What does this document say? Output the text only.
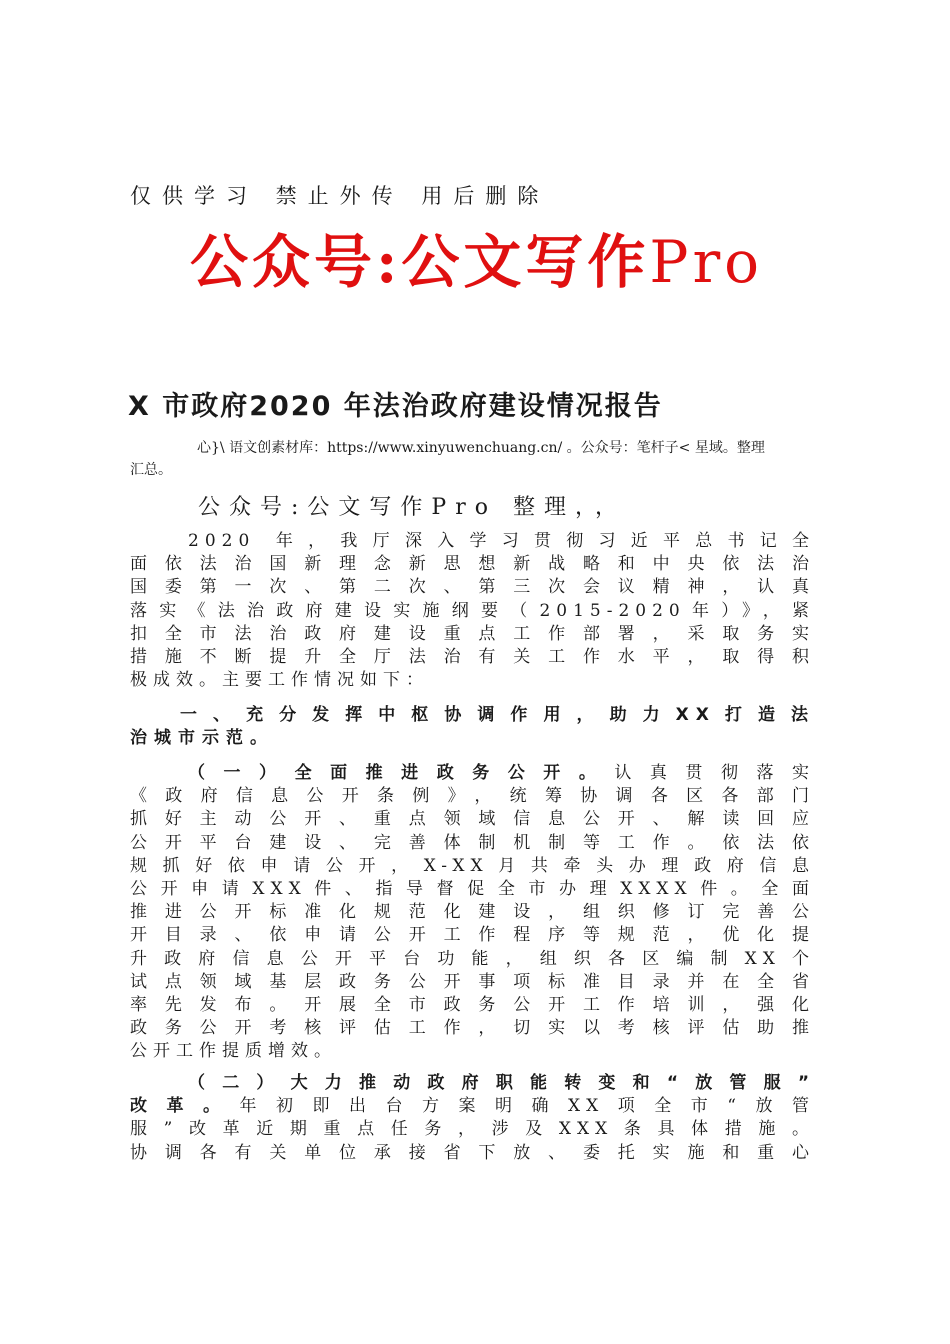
仅供学习 禁止外传 用后删除
公众号:公文写作Pro
X 市政府2020 年法治政府建设情况报告
心}\ 语文创素材库：https://www.xinyuwenchuang.cn/ 。公众号：笔杆子< 星域。整理
汇总。
公众号:公文写作Pro 整理，，
2020 年，我厅深入学习贯彻习近平总书记全
面依法治国新理念新思想新战略和中央依法治
国委第一次、第二次、第三次会议精神，认真
落实《法治政府建设实施纲要（2015-2020年）》，紧
扣全市法治政府建设重点工作部署，采取务实
措施不断提升全厅法治有关工作水平，取得积
极成效。主要工作情况如下：
一、充分发挥中枢协调作用，助力XX打造法
治城市示范。
（一）全面推进政务公开。认真贯彻落实
《政府信息公开条例》，统筹协调各区各部门
抓好主动公开、重点领域信息公开、解读回应
公开平台建设、完善体制机制等工作。依法依
规抓好依申请公开，X-XX月共牵头办理政府信息
公开申请XXX件、指导督促全市办理XXXX件。全面
推进公开标准化规范化建设，组织修订完善公
开目录、依申请公开工作程序等规范，优化提
升政府信息公开平台功能，组织各区编制XX个
试点领域基层政务公开事项标准目录并在全省
率先发布。开展全市政务公开工作培训，强化
政务公开考核评估工作，切实以考核评估助推
公开工作提质增效。
（二）大力推动政府职能转变和“放管服”
改革。年初即出台方案明确XX项全市“放管
服”改革近期重点任务，涉及XXX条具体措施。
协调各有关单位承接省下放、委托实施和重心
